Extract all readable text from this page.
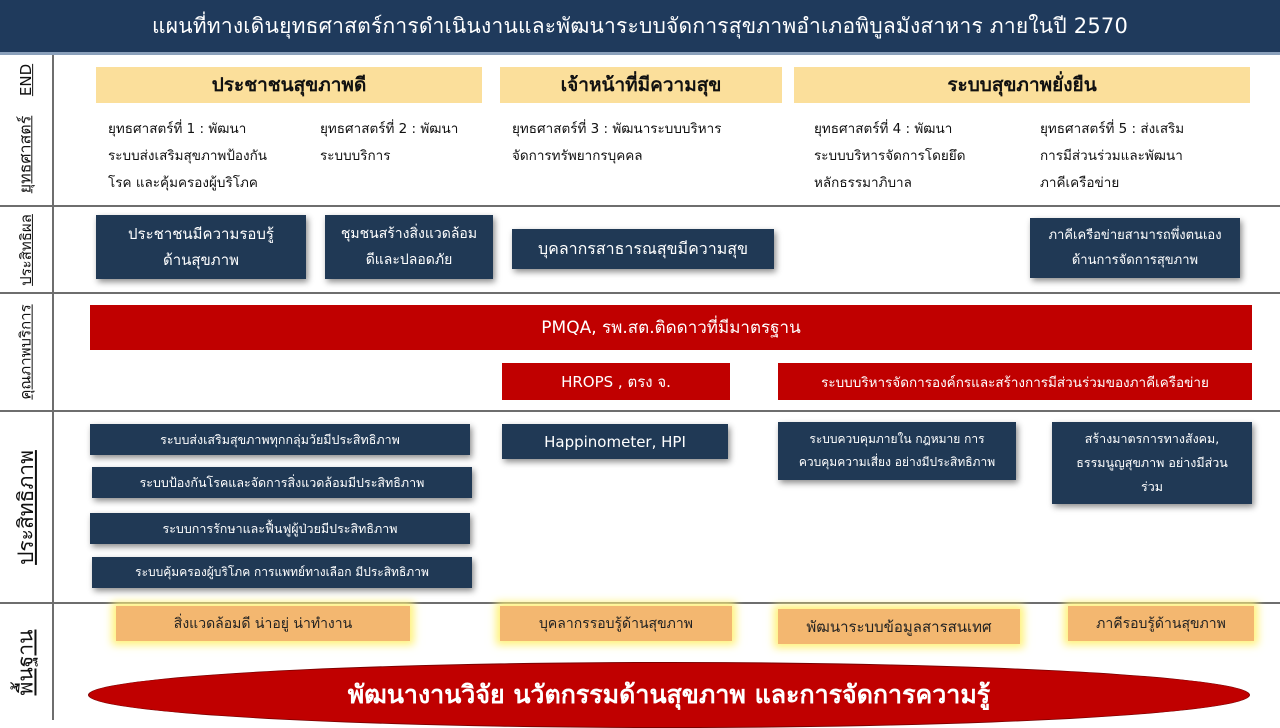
แผนที่ทางเดินยุทธศาสตร์การดำเนินงานและพัฒนาระบบจัดการสุขภาพอำเภอพิบูลมังสาหาร ภายในปี 2570
END
ยุทธศาสตร์
ประสิทธิผล
คุณภาพบริการ
ประสิทธิภาพ
พื้นฐาน
ประชาชนสุขภาพดี	เจ้าหน้าที่มีความสุข	ระบบสุขภาพยั่งยืน
ยุทธศาสตร์ที่ 1 : พัฒนา
ระบบส่งเสริมสุขภาพป้องกัน
โรค และคุ้มครองผู้บริโภค
ยุทธศาสตร์ที่ 2 : พัฒนา
ระบบบริการ
ยุทธศาสตร์ที่ 3 : พัฒนาระบบบริหาร
จัดการทรัพยากรบุคคล
ยุทธศาสตร์ที่ 4 : พัฒนา
ระบบบริหารจัดการโดยยึด
หลักธรรมาภิบาล
ยุทธศาสตร์ที่ 5 : ส่งเสริม
การมีส่วนร่วมและพัฒนา
ภาคีเครือข่าย
ประชาชนมีความรอบรู้
ด้านสุขภาพ
ชุมชนสร้างสิ่งแวดล้อม
ดีและปลอดภัย
บุคลากรสาธารณสุขมีความสุข
ภาคีเครือข่ายสามารถพึ่งตนเอง
ด้านการจัดการสุขภาพ
PMQA, รพ.สต.ติดดาวที่มีมาตรฐาน
HROPS , ตรง จ.	ระบบบริหารจัดการองค์กรและสร้างการมีส่วนร่วมของภาคีเครือข่าย
ระบบส่งเสริมสุขภาพทุกกลุ่มวัยมีประสิทธิภาพ
ระบบป้องกันโรคและจัดการสิ่งแวดล้อมมีประสิทธิภาพ
ระบบการรักษาและฟื้นฟูผู้ป่วยมีประสิทธิภาพ
ระบบคุ้มครองผู้บริโภค การแพทย์ทางเลือก มีประสิทธิภาพ
Happinometer, HPI	ระบบควบคุมภายใน กฎหมาย การ
ควบคุมความเสี่ยง อย่างมีประสิทธิภาพ
สร้างมาตรการทางสังคม,
ธรรมนูญสุขภาพ อย่างมีส่วน
ร่วม
สิ่งแวดล้อมดี น่าอยู่ น่าทำงาน	บุคลากรรอบรู้ด้านสุขภาพ	พัฒนาระบบข้อมูลสารสนเทศ	ภาคีรอบรู้ด้านสุขภาพ
พัฒนางานวิจัย นวัตกรรมด้านสุขภาพ และการจัดการความรู้
